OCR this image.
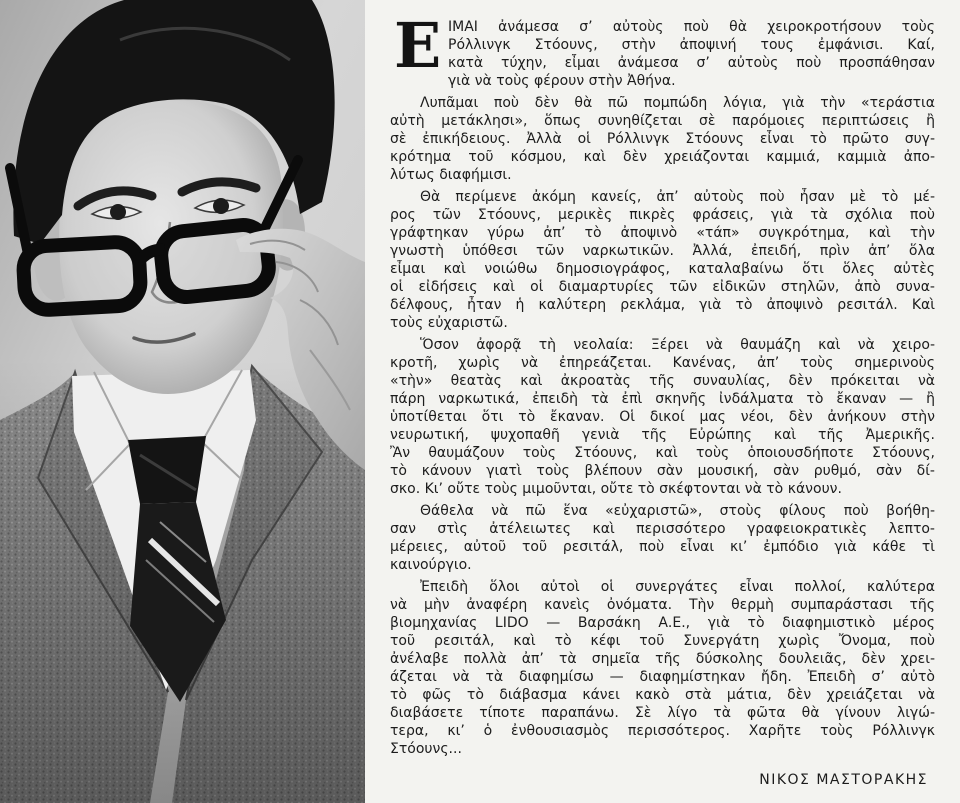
Ε ΙΜΑΙ ἀνάμεσα σ’ αὐτοὺς ποὺ θὰ χειροκροτήσουν τοὺς
Ρόλλινγκ Στόουνς, στὴν ἀποψινή τους ἐμφάνισι. Καί,
κατὰ τύχην, εἶμαι ἀνάμεσα σ’ αὐτοὺς ποὺ προσπάθησαν
γιὰ νὰ τοὺς φέρουν στὴν Ἀθήνα.
Λυπᾶμαι ποὺ δὲν θὰ πῶ πομπώδη λόγια, γιὰ τὴν «τεράστια
αὐτὴ μετάκλησι», ὅπως συνηθίζεται σὲ παρόμοιες περιπτώσεις ἢ
σὲ ἐπικήδειους. Ἀλλὰ οἱ Ρόλλινγκ Στόουνς εἶναι τὸ πρῶτο συγ-
κρότημα τοῦ κόσμου, καὶ δὲν χρειάζονται καμμιά, καμμιὰ ἀπο-
λύτως διαφήμισι.
Θὰ περίμενε ἀκόμη κανείς, ἀπ’ αὐτοὺς ποὺ ἦσαν μὲ τὸ μέ-
ρος τῶν Στόουνς, μερικὲς πικρὲς φράσεις, γιὰ τὰ σχόλια ποὺ
γράφτηκαν γύρω ἀπ’ τὸ ἀποψινὸ «τάπ» συγκρότημα, καὶ τὴν
γνωστὴ ὑπόθεσι τῶν ναρκωτικῶν. Ἀλλά, ἐπειδή, πρὶν ἀπ’ ὅλα
εἶμαι καὶ νοιώθω δημοσιογράφος, καταλαβαίνω ὅτι ὅλες αὐτὲς
οἱ εἰδήσεις καὶ οἱ διαμαρτυρίες τῶν εἰδικῶν στηλῶν, ἀπὸ συνα-
δέλφους, ἦταν ἡ καλύτερη ρεκλάμα, γιὰ τὸ ἀποψινὸ ρεσιτάλ. Καὶ
τοὺς εὐχαριστῶ.
Ὅσον ἀφορᾷ τὴ νεολαία: Ξέρει νὰ θαυμάζη καὶ νὰ χειρο-
κροτῆ, χωρὶς νὰ ἐπηρεάζεται. Κανένας, ἀπ’ τοὺς σημερινοὺς
«τὴν» θεατὰς καὶ ἀκροατὰς τῆς συναυλίας, δὲν πρόκειται νὰ
πάρη ναρκωτικά, ἐπειδὴ τὰ ἐπὶ σκηνῆς ἰνδάλματα τὸ ἔκαναν — ἢ
ὑποτίθεται ὅτι τὸ ἔκαναν. Οἱ δικοί μας νέοι, δὲν ἀνήκουν στὴν
νευρωτική, ψυχοπαθῆ γενιὰ τῆς Εὐρώπης καὶ τῆς Ἀμερικῆς.
Ἂν θαυμάζουν τοὺς Στόουνς, καὶ τοὺς ὁποιουσδήποτε Στόουνς,
τὸ κάνουν γιατὶ τοὺς βλέπουν σὰν μουσική, σὰν ρυθμό, σὰν δί-
σκο. Κι’ οὔτε τοὺς μιμοῦνται, οὔτε τὸ σκέφτονται νὰ τὸ κάνουν.
Θάθελα νὰ πῶ ἕνα «εὐχαριστῶ», στοὺς φίλους ποὺ βοήθη-
σαν στὶς ἀτέλειωτες καὶ περισσότερο γραφειοκρατικὲς λεπτο-
μέρειες, αὐτοῦ τοῦ ρεσιτάλ, ποὺ εἶναι κι’ ἐμπόδιο γιὰ κάθε τὶ
καινούργιο.
Ἐπειδὴ ὅλοι αὐτοὶ οἱ συνεργάτες εἶναι πολλοί, καλύτερα
νὰ μὴν ἀναφέρη κανεὶς ὀνόματα. Τὴν θερμὴ συμπαράστασι τῆς
βιομηχανίας LIDO — Βαρσάκη Α.Ε., γιὰ τὸ διαφημιστικὸ μέρος
τοῦ ρεσιτάλ, καὶ τὸ κέφι τοῦ Συνεργάτη χωρὶς Ὄνομα, ποὺ
ἀνέλαβε πολλὰ ἀπ’ τὰ σημεῖα τῆς δύσκολης δουλειᾶς, δὲν χρει-
άζεται νὰ τὰ διαφημίσω — διαφημίστηκαν ἤδη. Ἐπειδὴ σ’ αὐτὸ
τὸ φῶς τὸ διάβασμα κάνει κακὸ στὰ μάτια, δὲν χρειάζεται νὰ
διαβάσετε τίποτε παραπάνω. Σὲ λίγο τὰ φῶτα θὰ γίνουν λιγώ-
τερα, κι’ ὁ ἐνθουσιασμὸς περισσότερος. Χαρῆτε τοὺς Ρόλλινγκ
Στόουνς...
ΝΙΚΟΣ ΜΑΣΤΟΡΑΚΗΣ
